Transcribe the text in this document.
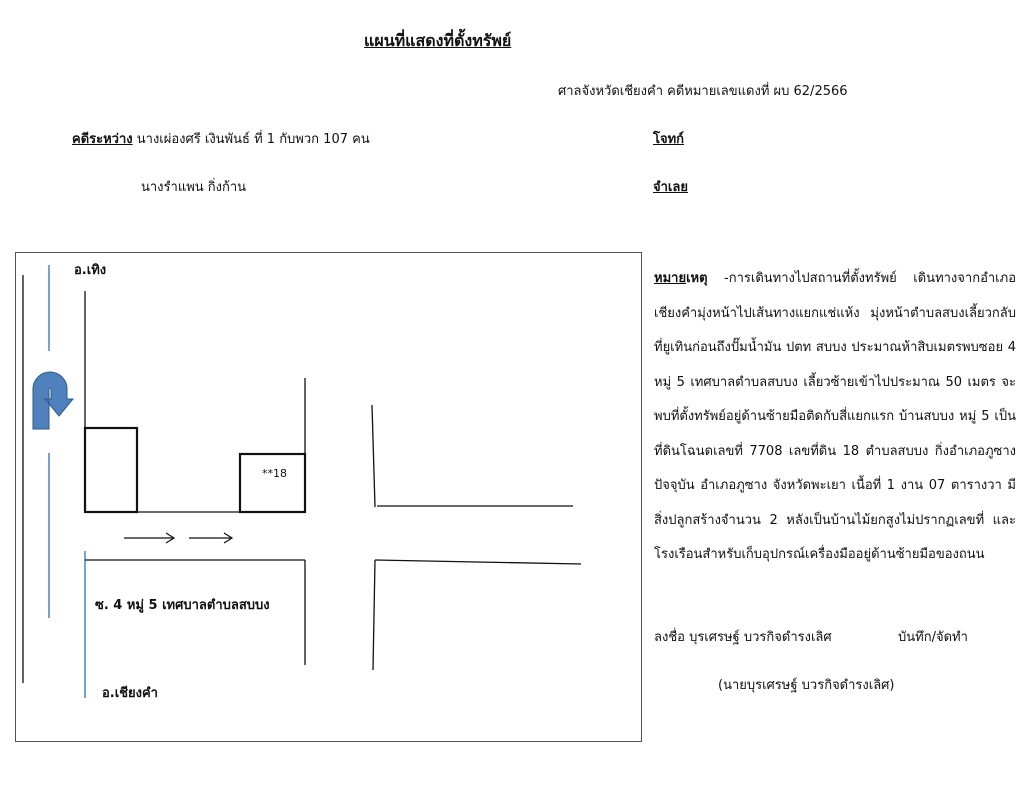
แผนที่แสดงที่ตั้งทรัพย์
ศาลจังหวัดเชียงคำ คดีหมายเลขแดงที่ ผบ 62/2566
คดีระหว่าง นางเผ่องศรี เงินพันธ์ ที่ 1 กับพวก 107 คน
นางรำแพน กิ่งก้าน
โจทก์
จำเลย
อ.เทิง
**18
ซ. 4 หมู่ 5 เทศบาลตำบลสบบง
อ.เชียงคำ
หมายเหตุ -การเดินทางไปสถานที่ตั้งทรัพย์ เดินทางจากอำเภอเชียงคำมุ่งหน้าไปเส้นทางแยกแช่แห้ง มุ่งหน้าตำบลสบงเลี้ยวกลับที่ยูเทินก่อนถึงปั๊มน้ำมัน ปตท สบบง ประมาณห้าสิบเมตรพบซอย 4 หมู่ 5 เทศบาลตำบลสบบง เลี้ยวซ้ายเข้าไปประมาณ 50 เมตร จะพบที่ตั้งทรัพย์อยู่ด้านซ้ายมือติดกับสี่แยกแรก บ้านสบบง หมู่ 5 เป็นที่ดินโฉนดเลขที่ 7708 เลขที่ดิน 18 ตำบลสบบง กิ่งอำเภอภูซาง ปัจจุบัน อำเภอภูซาง จังหวัดพะเยา เนื้อที่ 1 งาน 07 ตารางวา มีสิ่งปลูกสร้างจำนวน 2 หลังเป็นบ้านไม้ยกสูงไม่ปรากฏเลขที่ และโรงเรือนสำหรับเก็บอุปกรณ์เครื่องมืออยู่ด้านซ้ายมือของถนน
ลงชื่อ บุรเศรษฐ์ บวรกิจดำรงเลิศ	บันทึก/จัดทำ
(นายบุรเศรษฐ์ บวรกิจดำรงเลิศ)
